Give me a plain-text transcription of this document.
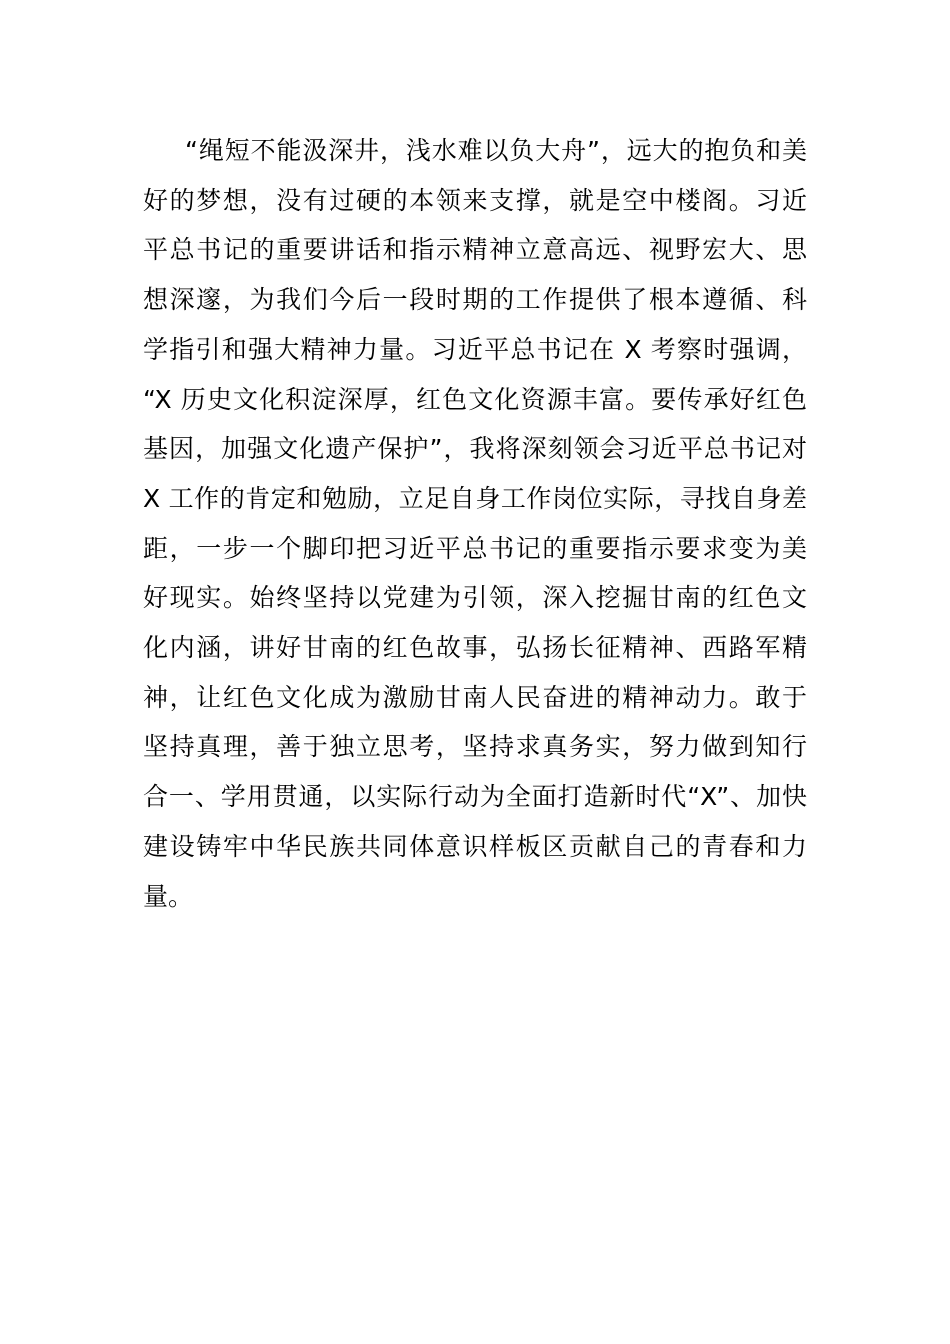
“绳短不能汲深井，浅水难以负大舟”，远大的抱负和美
好的梦想，没有过硬的本领来支撑，就是空中楼阁。习近
平总书记的重要讲话和指示精神立意高远、视野宏大、思
想深邃，为我们今后一段时期的工作提供了根本遵循、科
学指引和强大精神力量。习近平总书记在 X 考察时强调，
“X 历史文化积淀深厚，红色文化资源丰富。要传承好红色
基因，加强文化遗产保护”，我将深刻领会习近平总书记对
X 工作的肯定和勉励，立足自身工作岗位实际，寻找自身差
距，一步一个脚印把习近平总书记的重要指示要求变为美
好现实。始终坚持以党建为引领，深入挖掘甘南的红色文
化内涵，讲好甘南的红色故事，弘扬长征精神、西路军精
神，让红色文化成为激励甘南人民奋进的精神动力。敢于
坚持真理，善于独立思考，坚持求真务实，努力做到知行
合一、学用贯通，以实际行动为全面打造新时代“X”、加快
建设铸牢中华民族共同体意识样板区贡献自己的青春和力
量。
